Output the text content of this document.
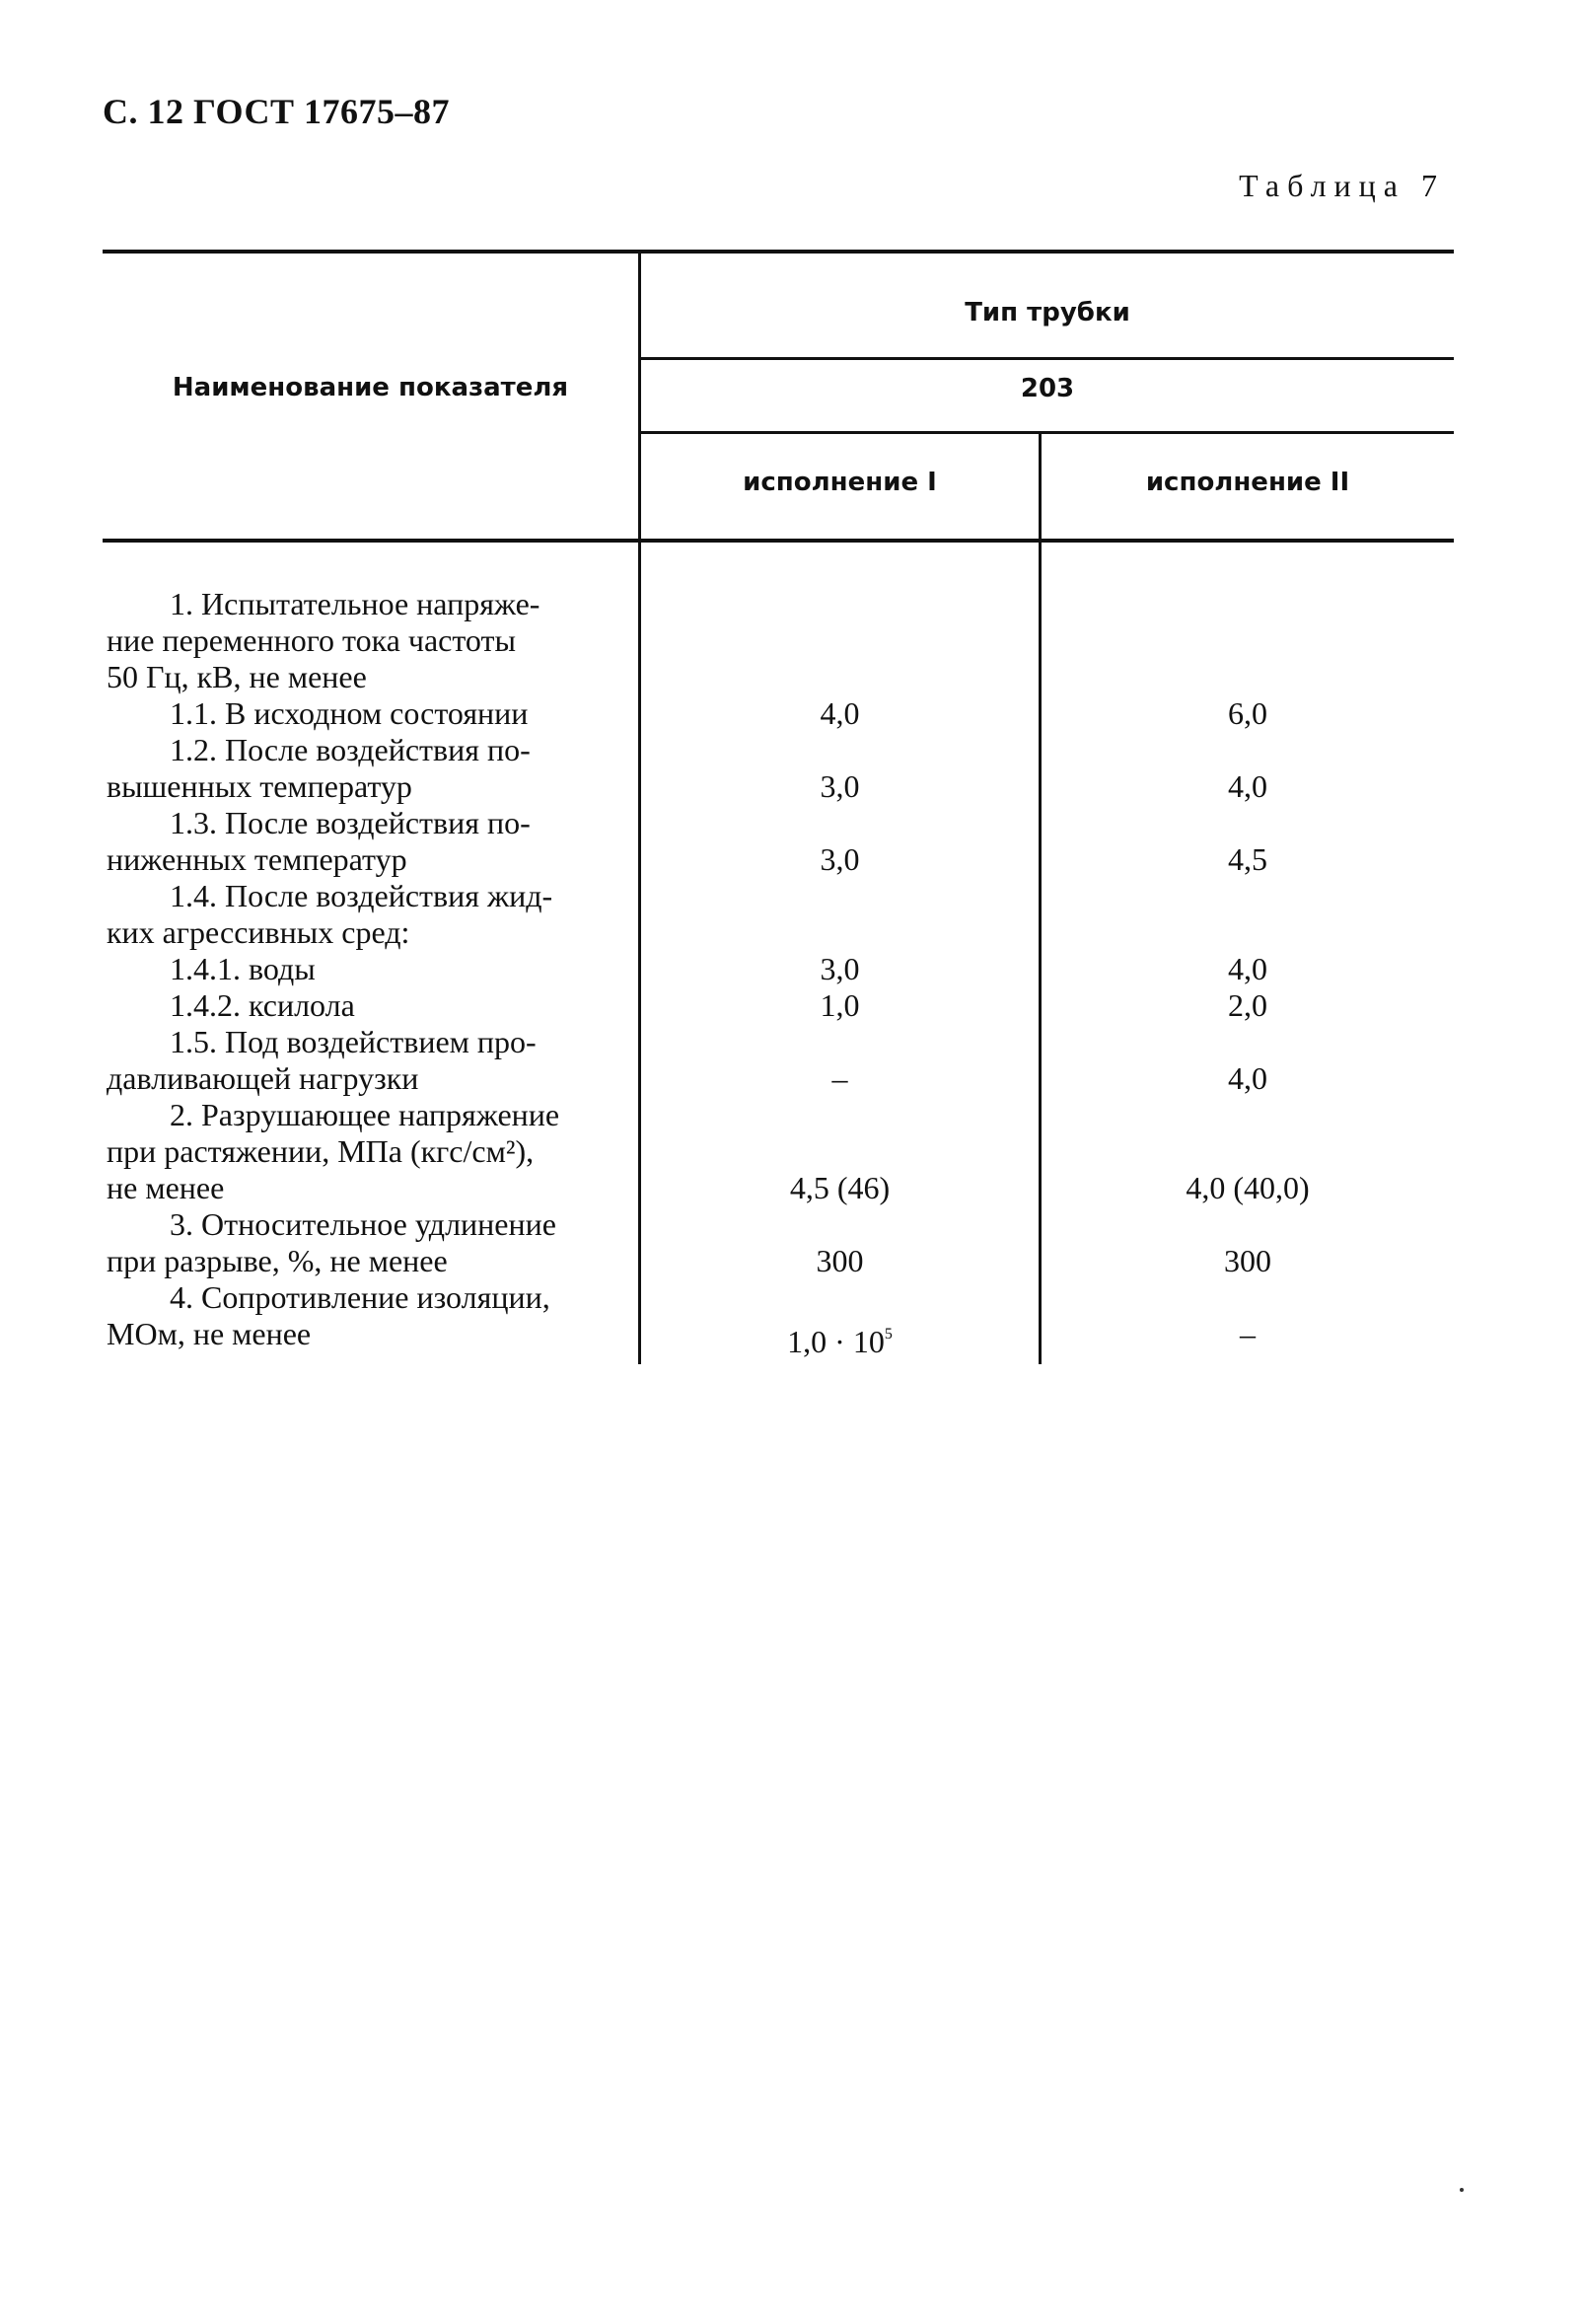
С. 12 ГОСТ 17675–87
Таблица 7
Наименование показателя
Тип трубки
203
исполнение I	исполнение II
1. Испытательное напряже-
ние переменного тока частоты
50 Гц, кВ, не менее
1.1. В исходном состоянии	4,0	6,0
1.2. После воздействия по-
вышенных температур	3,0	4,0
1.3. После воздействия по-
ниженных температур	3,0	4,5
1.4. После воздействия жид-
ких агрессивных сред:
1.4.1. воды	3,0	4,0
1.4.2. ксилола	1,0	2,0
1.5. Под воздействием про-
давливающей нагрузки	–	4,0
2. Разрушающее напряжение
при растяжении, МПа (кгс/см²),
не менее	4,5 (46)	4,0 (40,0)
3. Относительное удлинение
при разрыве, %, не менее	300	300
4. Сопротивление изоляции,
МОм, не менее	$1,0 \cdot 10^5$	–
